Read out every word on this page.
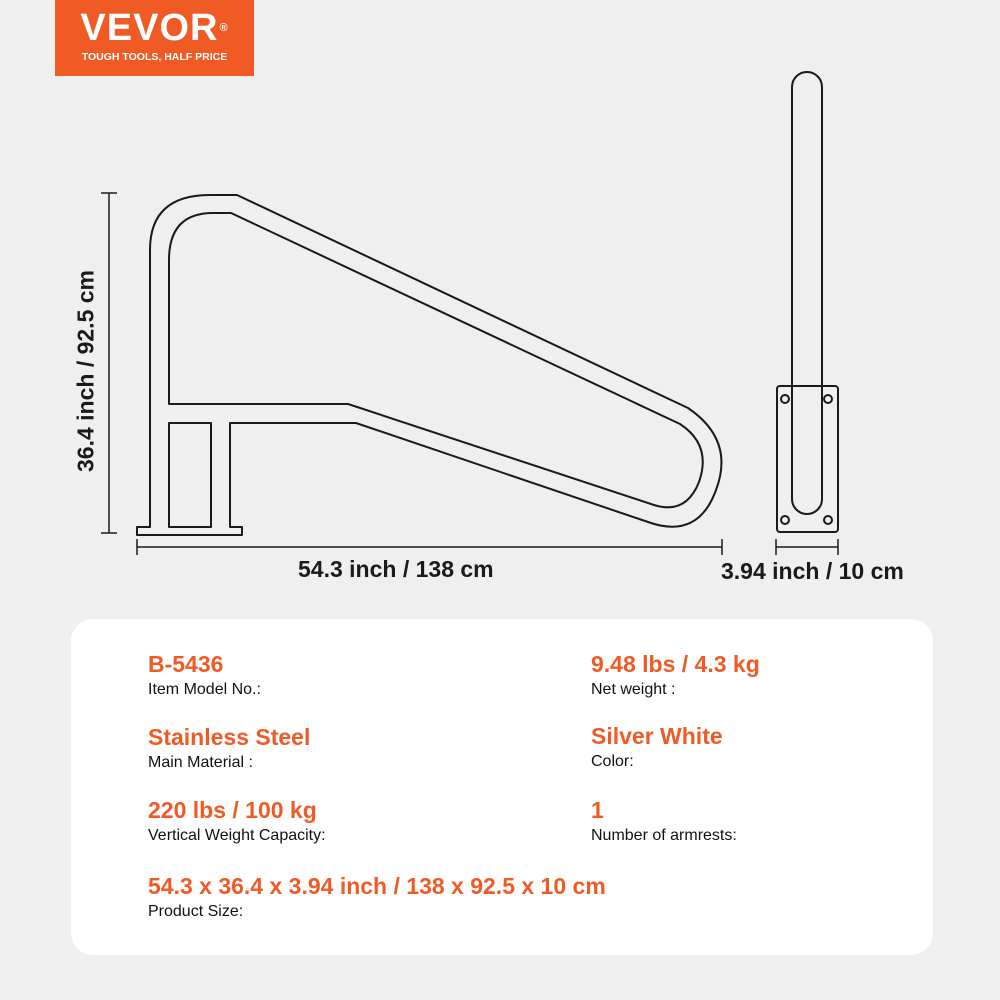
VEVOR®
TOUGH TOOLS, HALF PRICE
54.3 inch / 138 cm	3.94 inch / 10 cm
36.4 inch / 92.5 cm
B-5436
Item Model No.:
9.48 lbs / 4.3 kg
Net weight :
Stainless Steel
Main Material :
Silver White
Color:
220 lbs / 100 kg
Vertical Weight Capacity:
1
Number of armrests:
54.3 x 36.4 x 3.94 inch / 138 x 92.5 x 10 cm
Product Size:
